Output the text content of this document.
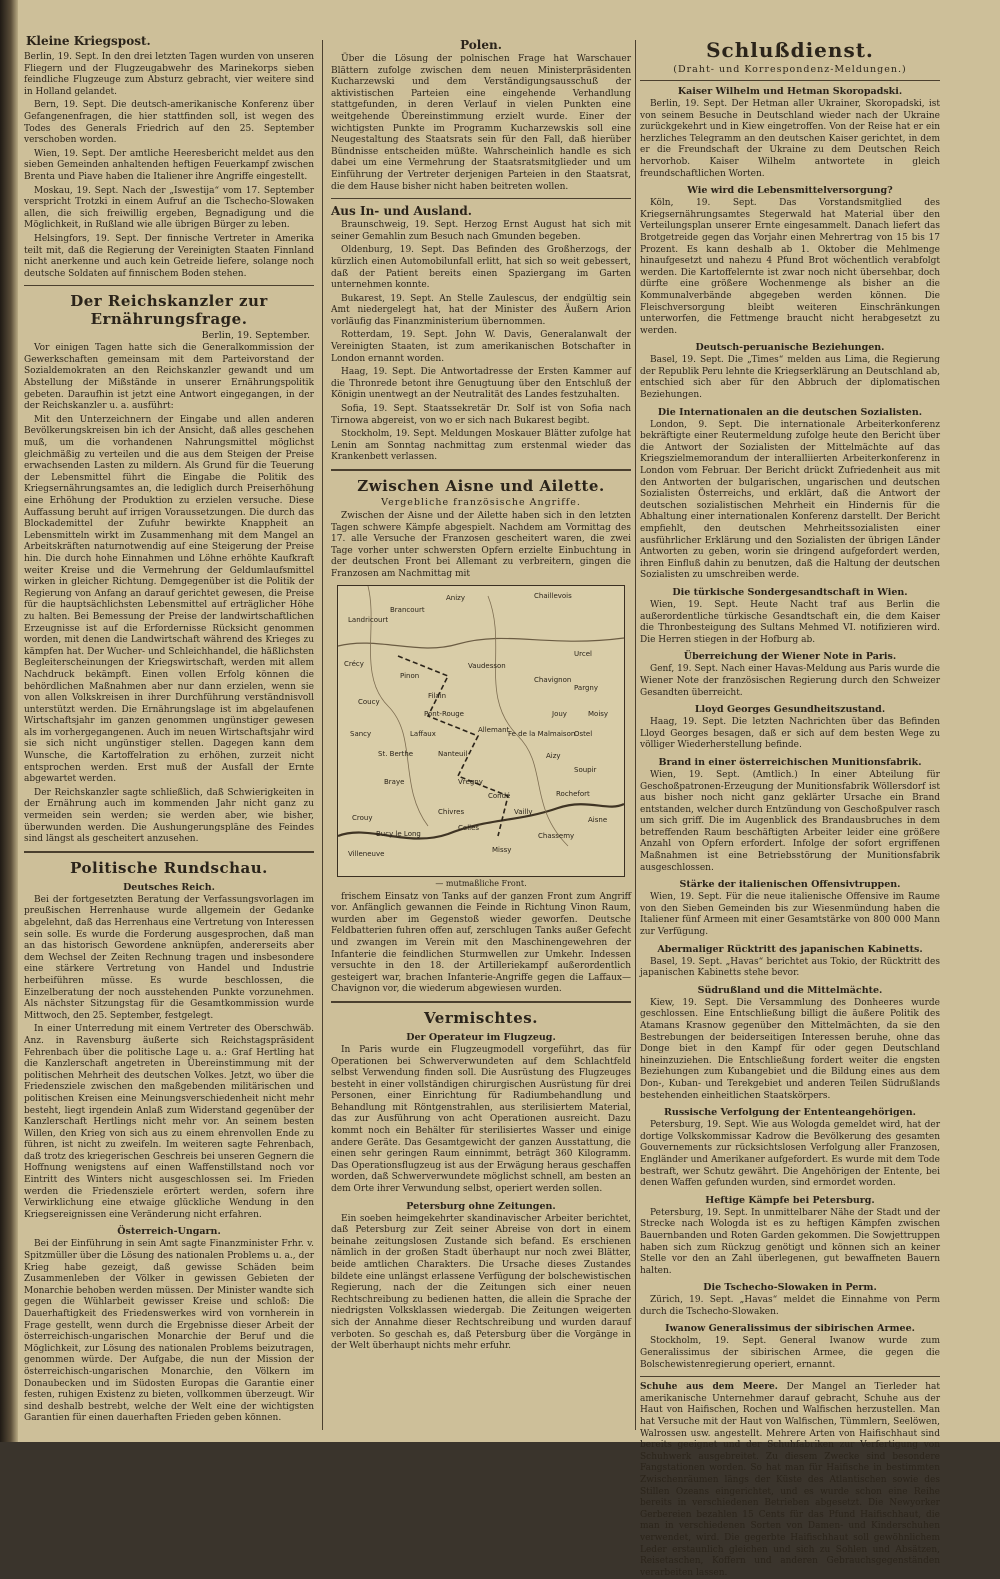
Kleine Kriegspost.

Berlin, 19. Sept. In den drei letzten Tagen wurden von unseren Fliegern und der Flugzeugabwehr des Marinekorps sieben feindliche Flugzeuge zum Absturz gebracht, vier weitere sind in Holland gelandet.

Bern, 19. Sept. Die deutsch-amerikanische Konferenz über Gefangenenfragen, die hier stattfinden soll, ist wegen des Todes des Generals Friedrich auf den 25. September verschoben worden.

Wien, 19. Sept. Der amtliche Heeresbericht meldet aus den sieben Gemeinden anhaltenden heftigen Feuerkampf zwischen Brenta und Piave haben die Italiener ihre Angriffe eingestellt.

Moskau, 19. Sept. Nach der „Iswestija“ vom 17. September verspricht Trotzki in einem Aufruf an die Tschecho-Slowaken allen, die sich freiwillig ergeben, Begnadigung und die Möglichkeit, in Rußland wie alle übrigen Bürger zu leben.

Helsingfors, 19. Sept. Der finnische Vertreter in Amerika teilt mit, daß die Regierung der Vereinigten Staaten Finnland nicht anerkenne und auch kein Getreide liefere, solange noch deutsche Soldaten auf finnischem Boden stehen.

Der Reichskanzler zur Ernährungsfrage.
Berlin, 19. September.

Vor einigen Tagen hatte sich die Generalkommission der Gewerkschaften gemeinsam mit dem Parteivorstand der Sozialdemokraten an den Reichskanzler gewandt und um Abstellung der Mißstände in unserer Ernährungspolitik gebeten. Daraufhin ist jetzt eine Antwort eingegangen, in der der Reichskanzler u. a. ausführt:

Mit den Unterzeichnern der Eingabe und allen anderen Bevölkerungskreisen bin ich der Ansicht, daß alles geschehen muß, um die vorhandenen Nahrungsmittel möglichst gleichmäßig zu verteilen und die aus dem Steigen der Preise erwachsenden Lasten zu mildern. Als Grund für die Teuerung der Lebensmittel führt die Eingabe die Politik des Kriegsernährungsamtes an, die lediglich durch Preiserhöhung eine Erhöhung der Produktion zu erzielen versuche. Diese Auffassung beruht auf irrigen Voraussetzungen. Die durch das Blockademittel der Zufuhr bewirkte Knappheit an Lebensmitteln wirkt im Zusammenhang mit dem Mangel an Arbeitskräften naturnotwendig auf eine Steigerung der Preise hin. Die durch hohe Einnahmen und Löhne erhöhte Kaufkraft weiter Kreise und die Vermehrung der Geldumlaufsmittel wirken in gleicher Richtung. Demgegenüber ist die Politik der Regierung von Anfang an darauf gerichtet gewesen, die Preise für die hauptsächlichsten Lebensmittel auf erträglicher Höhe zu halten. Bei Bemessung der Preise der landwirtschaftlichen Erzeugnisse ist auf die Erfordernisse Rücksicht genommen worden, mit denen die Landwirtschaft während des Krieges zu kämpfen hat. Der Wucher- und Schleichhandel, die häßlichsten Begleiterscheinungen der Kriegswirtschaft, werden mit allem Nachdruck bekämpft. Einen vollen Erfolg können die behördlichen Maßnahmen aber nur dann erzielen, wenn sie von allen Volkskreisen in ihrer Durchführung verständnisvoll unterstützt werden. Die Ernährungslage ist im abgelaufenen Wirtschaftsjahr im ganzen genommen ungünstiger gewesen als im vorhergegangenen. Auch im neuen Wirtschaftsjahr wird sie sich nicht ungünstiger stellen. Dagegen kann dem Wunsche, die Kartoffelration zu erhöhen, zurzeit nicht entsprochen werden. Erst muß der Ausfall der Ernte abgewartet werden.

Der Reichskanzler sagte schließlich, daß Schwierigkeiten in der Ernährung auch im kommenden Jahr nicht ganz zu vermeiden sein werden; sie werden aber, wie bisher, überwunden werden. Die Aushungerungspläne des Feindes sind längst als gescheitert anzusehen.

Politische Rundschau.
Deutsches Reich.

Bei der fortgesetzten Beratung der Verfassungsvorlagen im preußischen Herrenhause wurde allgemein der Gedanke abgelehnt, daß das Herrenhaus eine Vertretung von Interessen sein solle. Es wurde die Forderung ausgesprochen, daß man an das historisch Gewordene anknüpfen, andererseits aber dem Wechsel der Zeiten Rechnung tragen und insbesondere eine stärkere Vertretung von Handel und Industrie herbeiführen müsse. Es wurde beschlossen, die Einzelberatung der noch ausstehenden Punkte vorzunehmen. Als nächster Sitzungstag für die Gesamtkommission wurde Mittwoch, den 25. September, festgelegt.

In einer Unterredung mit einem Vertreter des Oberschwäb. Anz. in Ravensburg äußerte sich Reichstagspräsident Fehrenbach über die politische Lage u. a.: Graf Hertling hat die Kanzlerschaft angetreten in Übereinstimmung mit der politischen Mehrheit des deutschen Volkes. Jetzt, wo über die Friedensziele zwischen den maßgebenden militärischen und politischen Kreisen eine Meinungsverschiedenheit nicht mehr besteht, liegt irgendein Anlaß zum Widerstand gegenüber der Kanzlerschaft Hertlings nicht mehr vor. An seinem besten Willen, den Krieg von sich aus zu einem ehrenvollen Ende zu führen, ist nicht zu zweifeln. Im weiteren sagte Fehrenbach, daß trotz des kriegerischen Geschreis bei unseren Gegnern die Hoffnung wenigstens auf einen Waffenstillstand noch vor Eintritt des Winters nicht ausgeschlossen sei. Im Frieden werden die Friedensziele erörtert werden, sofern ihre Verwirklichung eine etwaige glückliche Wendung in den Kriegsereignissen eine Veränderung nicht erfahren.

Österreich-Ungarn.

Bei der Einführung in sein Amt sagte Finanzminister Frhr. v. Spitzmüller über die Lösung des nationalen Problems u. a., der Krieg habe gezeigt, daß gewisse Schäden beim Zusammenleben der Völker in gewissen Gebieten der Monarchie behoben werden müssen. Der Minister wandte sich gegen die Wühlarbeit gewisser Kreise und schloß: Die Dauerhaftigkeit des Friedenswerkes wird von vornherein in Frage gestellt, wenn durch die Ergebnisse dieser Arbeit der österreichisch-ungarischen Monarchie der Beruf und die Möglichkeit, zur Lösung des nationalen Problems beizutragen, genommen würde. Der Aufgabe, die nun der Mission der österreichisch-ungarischen Monarchie, den Völkern im Donaubecken und im Südosten Europas die Garantie einer festen, ruhigen Existenz zu bieten, vollkommen überzeugt. Wir sind deshalb bestrebt, welche der Welt eine der wichtigsten Garantien für einen dauerhaften Frieden geben können.

Polen.

Über die Lösung der polnischen Frage hat Warschauer Blättern zufolge zwischen dem neuen Ministerpräsidenten Kucharzewski und dem Verständigungsausschuß der aktivistischen Parteien eine eingehende Verhandlung stattgefunden, in deren Verlauf in vielen Punkten eine weitgehende Übereinstimmung erzielt wurde. Einer der wichtigsten Punkte im Programm Kucharzewskis soll eine Neugestaltung des Staatsrats sein für den Fall, daß hierüber Bündnisse entscheiden müßte. Wahrscheinlich handle es sich dabei um eine Vermehrung der Staatsratsmitglieder und um Einführung der Vertreter derjenigen Parteien in den Staatsrat, die dem Hause bisher nicht haben beitreten wollen.

Aus In- und Ausland.

Braunschweig, 19. Sept. Herzog Ernst August hat sich mit seiner Gemahlin zum Besuch nach Gmunden begeben.

Oldenburg, 19. Sept. Das Befinden des Großherzogs, der kürzlich einen Automobilunfall erlitt, hat sich so weit gebessert, daß der Patient bereits einen Spaziergang im Garten unternehmen konnte.

Bukarest, 19. Sept. An Stelle Zaulescus, der endgültig sein Amt niedergelegt hat, hat der Minister des Äußern Arion vorläufig das Finanzministerium übernommen.

Rotterdam, 19. Sept. John W. Davis, Generalanwalt der Vereinigten Staaten, ist zum amerikanischen Botschafter in London ernannt worden.

Haag, 19. Sept. Die Antwortadresse der Ersten Kammer auf die Thronrede betont ihre Genugtuung über den Entschluß der Königin unentwegt an der Neutralität des Landes festzuhalten.

Sofia, 19. Sept. Staatssekretär Dr. Solf ist von Sofia nach Tirnowa abgereist, von wo er sich nach Bukarest begibt.

Stockholm, 19. Sept. Meldungen Moskauer Blätter zufolge hat Lenin am Sonntag nachmittag zum erstenmal wieder das Krankenbett verlassen.

Zwischen Aisne und Ailette.
Vergebliche französische Angriffe.

Zwischen der Aisne und der Ailette haben sich in den letzten Tagen schwere Kämpfe abgespielt. Nachdem am Vormittag des 17. alle Versuche der Franzosen gescheitert waren, die zwei Tage vorher unter schwersten Opfern erzielte Einbuchtung in der deutschen Front bei Allemant zu verbreitern, gingen die Franzosen am Nachmittag mit

Anizy	Chaillevois
Brancourt
Landricourt
Crécy
Coucy
Pinon	Chavignon
Urcel
Vaudesson
Filain
Pargny
Moisy
Pont-Rouge
Laffaux	Allemant	Ostel
Braye
Soupir
Vailly
Condé
Crouy
Celles
Chassemy
Missy
Villeneuve
Bucy le Long
Vregny
Chivres
Aisne
Sancy
Jouy
Aizy
Nanteuil
Rochefort
Fe de la Malmaison
St. Berthe
— mutmaßliche Front.

frischem Einsatz von Tanks auf der ganzen Front zum Angriff vor. Anfänglich gewannen die Feinde in Richtung Vinon Raum, wurden aber im Gegenstoß wieder geworfen. Deutsche Feldbatterien fuhren offen auf, zerschlugen Tanks außer Gefecht und zwangen im Verein mit den Maschinengewehren der Infanterie die feindlichen Sturmwellen zur Umkehr. Indessen versuchte in den 18. der Artilleriekampf außerordentlich gesteigert war, brachen Infanterie-Angriffe gegen die Laffaux—Chavignon vor, die wiederum abgewiesen wurden.

Vermischtes.
Der Operateur im Flugzeug.

In Paris wurde ein Flugzeugmodell vorgeführt, das für Operationen bei Schwerverwundeten auf dem Schlachtfeld selbst Verwendung finden soll. Die Ausrüstung des Flugzeuges besteht in einer vollständigen chirurgischen Ausrüstung für drei Personen, einer Einrichtung für Radiumbehandlung und Behandlung mit Röntgenstrahlen, aus sterilisiertem Material, das zur Ausführung von acht Operationen ausreicht. Dazu kommt noch ein Behälter für sterilisiertes Wasser und einige andere Geräte. Das Gesamtgewicht der ganzen Ausstattung, die einen sehr geringen Raum einnimmt, beträgt 360 Kilogramm. Das Operationsflugzeug ist aus der Erwägung heraus geschaffen worden, daß Schwerverwundete möglichst schnell, am besten an dem Orte ihrer Verwundung selbst, operiert werden sollen.

Petersburg ohne Zeitungen.

Ein soeben heimgekehrter skandinavischer Arbeiter berichtet, daß Petersburg zur Zeit seiner Abreise von dort in einem beinahe zeitungslosen Zustande sich befand. Es erschienen nämlich in der großen Stadt überhaupt nur noch zwei Blätter, beide amtlichen Charakters. Die Ursache dieses Zustandes bildete eine unlängst erlassene Verfügung der bolschewistischen Regierung, nach der die Zeitungen sich einer neuen Rechtschreibung zu bedienen hatten, die allein die Sprache der niedrigsten Volksklassen wiedergab. Die Zeitungen weigerten sich der Annahme dieser Rechtschreibung und wurden darauf verboten. So geschah es, daß Petersburg über die Vorgänge in der Welt überhaupt nichts mehr erfuhr.

Schlußdienst.
(Draht- und Korrespondenz-Meldungen.)
Kaiser Wilhelm und Hetman Skoropadski.

Berlin, 19. Sept. Der Hetman aller Ukrainer, Skoropadski, ist von seinem Besuche in Deutschland wieder nach der Ukraine zurückgekehrt und in Kiew eingetroffen. Von der Reise hat er ein herzliches Telegramm an den deutschen Kaiser gerichtet, in dem er die Freundschaft der Ukraine zu dem Deutschen Reich hervorhob. Kaiser Wilhelm antwortete in gleich freundschaftlichen Worten.

Wie wird die Lebensmittelversorgung?

Köln, 19. Sept. Das Vorstandsmitglied des Kriegsernährungsamtes Stegerwald hat Material über den Verteilungsplan unserer Ernte eingesammelt. Danach liefert das Brotgetreide gegen das Vorjahr einen Mehrertrag von 15 bis 17 Prozent. Es kann deshalb ab 1. Oktober die Mehlmenge hinaufgesetzt und nahezu 4 Pfund Brot wöchentlich verabfolgt werden. Die Kartoffelernte ist zwar noch nicht übersehbar, doch dürfte eine größere Wochenmenge als bisher an die Kommunalverbände abgegeben werden können. Die Fleischversorgung bleibt weiteren Einschränkungen unterworfen, die Fettmenge braucht nicht herabgesetzt zu werden.

Deutsch-peruanische Beziehungen.

Basel, 19. Sept. Die „Times“ melden aus Lima, die Regierung der Republik Peru lehnte die Kriegserklärung an Deutschland ab, entschied sich aber für den Abbruch der diplomatischen Beziehungen.

Die Internationalen an die deutschen Sozialisten.

London, 9. Sept. Die internationale Arbeiterkonferenz bekräftigte einer Reutermeldung zufolge heute den Bericht über die Antwort der Sozialisten der Mittelmächte auf das Kriegszielmemorandum der interalliierten Arbeiterkonferenz in London vom Februar. Der Bericht drückt Zufriedenheit aus mit den Antworten der bulgarischen, ungarischen und deutschen Sozialisten Österreichs, und erklärt, daß die Antwort der deutschen sozialistischen Mehrheit ein Hindernis für die Abhaltung einer internationalen Konferenz darstellt. Der Bericht empfiehlt, den deutschen Mehrheitssozialisten einer ausführlicher Erklärung und den Sozialisten der übrigen Länder Antworten zu geben, worin sie dringend aufgefordert werden, ihren Einfluß dahin zu benutzen, daß die Haltung der deutschen Sozialisten zu umschreiben werde.

Die türkische Sondergesandtschaft in Wien.

Wien, 19. Sept. Heute Nacht traf aus Berlin die außerordentliche türkische Gesandtschaft ein, die dem Kaiser die Thronbesteigung des Sultans Mehmed VI. notifizieren wird. Die Herren stiegen in der Hofburg ab.

Überreichung der Wiener Note in Paris.

Genf, 19. Sept. Nach einer Havas-Meldung aus Paris wurde die Wiener Note der französischen Regierung durch den Schweizer Gesandten überreicht.

Lloyd Georges Gesundheitszustand.

Haag, 19. Sept. Die letzten Nachrichten über das Befinden Lloyd Georges besagen, daß er sich auf dem besten Wege zu völliger Wiederherstellung befinde.

Brand in einer österreichischen Munitionsfabrik.

Wien, 19. Sept. (Amtlich.) In einer Abteilung für Geschoßpatronen-Erzeugung der Munitionsfabrik Wöllersdorf ist aus bisher noch nicht ganz geklärter Ursache ein Brand entstanden, welcher durch Entzündung von Geschoßpulver rasch um sich griff. Die im Augenblick des Brandausbruches in dem betreffenden Raum beschäftigten Arbeiter leider eine größere Anzahl von Opfern erfordert. Infolge der sofort ergriffenen Maßnahmen ist eine Betriebsstörung der Munitionsfabrik ausgeschlossen.

Stärke der italienischen Offensivtruppen.

Wien, 19. Sept. Für die neue italienische Offensive im Raume von den Sieben Gemeinden bis zur Wiesenmündung haben die Italiener fünf Armeen mit einer Gesamtstärke von 800 000 Mann zur Verfügung.

Abermaliger Rücktritt des japanischen Kabinetts.

Basel, 19. Sept. „Havas“ berichtet aus Tokio, der Rücktritt des japanischen Kabinetts stehe bevor.

Südrußland und die Mittelmächte.

Kiew, 19. Sept. Die Versammlung des Donheeres wurde geschlossen. Eine Entschließung billigt die äußere Politik des Atamans Krasnow gegenüber den Mittelmächten, da sie den Bestrebungen der beiderseitigen Interessen beruhe, ohne das Donge biet in den Kampf für oder gegen Deutschland hineinzuziehen. Die Entschließung fordert weiter die engsten Beziehungen zum Kubangebiet und die Bildung eines aus dem Don-, Kuban- und Terekgebiet und anderen Teilen Südrußlands bestehenden einheitlichen Staatskörpers.

Russische Verfolgung der Ententeangehörigen.

Petersburg, 19. Sept. Wie aus Wologda gemeldet wird, hat der dortige Volkskommissar Kadrow die Bevölkerung des gesamten Gouvernements zur rücksichtslosen Verfolgung aller Franzosen, Engländer und Amerikaner aufgefordert. Es wurde mit dem Tode bestraft, wer Schutz gewährt. Die Angehörigen der Entente, bei denen Waffen gefunden wurden, sind ermordet worden.

Heftige Kämpfe bei Petersburg.

Petersburg, 19. Sept. In unmittelbarer Nähe der Stadt und der Strecke nach Wologda ist es zu heftigen Kämpfen zwischen Bauernbanden und Roten Garden gekommen. Die Sowjettruppen haben sich zum Rückzug genötigt und können sich an keiner Stelle vor den an Zahl überlegenen, gut bewaffneten Bauern halten.

Die Tschecho-Slowaken in Perm.

Zürich, 19. Sept. „Havas“ meldet die Einnahme von Perm durch die Tschecho-Slowaken.

Iwanow Generalissimus der sibirischen Armee.

Stockholm, 19. Sept. General Iwanow wurde zum Generalissimus der sibirischen Armee, die gegen die Bolschewistenregierung operiert, ernannt.

Schuhe aus dem Meere. Der Mangel an Tierleder hat amerikanische Unternehmer darauf gebracht, Schuhe aus der Haut von Haifischen, Rochen und Walfischen herzustellen. Man hat Versuche mit der Haut von Walfischen, Tümmlern, Seelöwen, Walrossen usw. angestellt. Mehrere Arten von Haifischhaut sind bereits geeignet und der Schuhfabriken zur Verfertigung von Schuhwerk ausgebreitet. Zu diesem Zwecke sind besondere Fangstationen worden. So hat man für Haifische in bestimmten Zwischenräumen längs der Küste des Atlantischen sowie des Stillen Ozeans eingerichtet, und es wurde schon eine Reihe bereits in verschiedenen Betrieben abgesetzt. Die Newyorker Gerbereien bezahlen 15 Cents für das Pfund Haifischhaut, die man in verschiedenen Sorten von Damen- und Kinderschuhen verwendet, wird. Die gegerbte Haifischhaut soll gewöhnlichem Leder erstaunlich gleichen und sich zu Sohlen und Absätzen, Reisetaschen, Koffern und anderen Gebrauchsgegenständen verarbeiten lassen.
